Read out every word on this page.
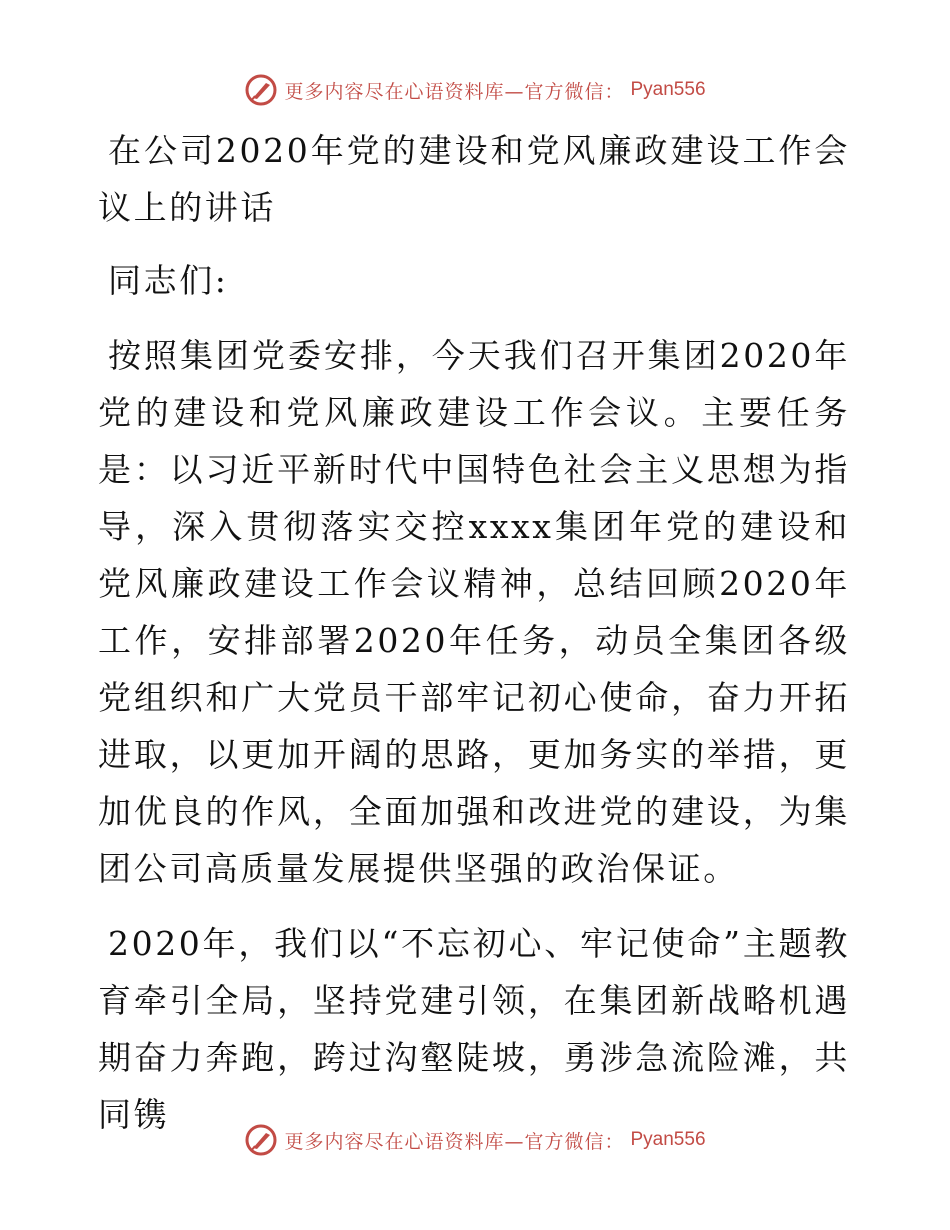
更多内容尽在心语资料库—官方微信： Pyan556

在公司2020年党的建设和党风廉政建设工作会议上的讲话

同志们:

按照集团党委安排，今天我们召开集团2020年党的建设和党风廉政建设工作会议。主要任务是：以习近平新时代中国特色社会主义思想为指导，深入贯彻落实交控xxxx集团年党的建设和党风廉政建设工作会议精神，总结回顾2020年工作，安排部署2020年任务，动员全集团各级党组织和广大党员干部牢记初心使命，奋力开拓进取，以更加开阔的思路，更加务实的举措，更加优良的作风，全面加强和改进党的建设，为集团公司高质量发展提供坚强的政治保证。

2020年，我们以“不忘初心、牢记使命”主题教育牵引全局，坚持党建引领，在集团新战略机遇期奋力奔跑，跨过沟壑陡坡，勇涉急流险滩，共同镌

更多内容尽在心语资料库—官方微信： Pyan556
